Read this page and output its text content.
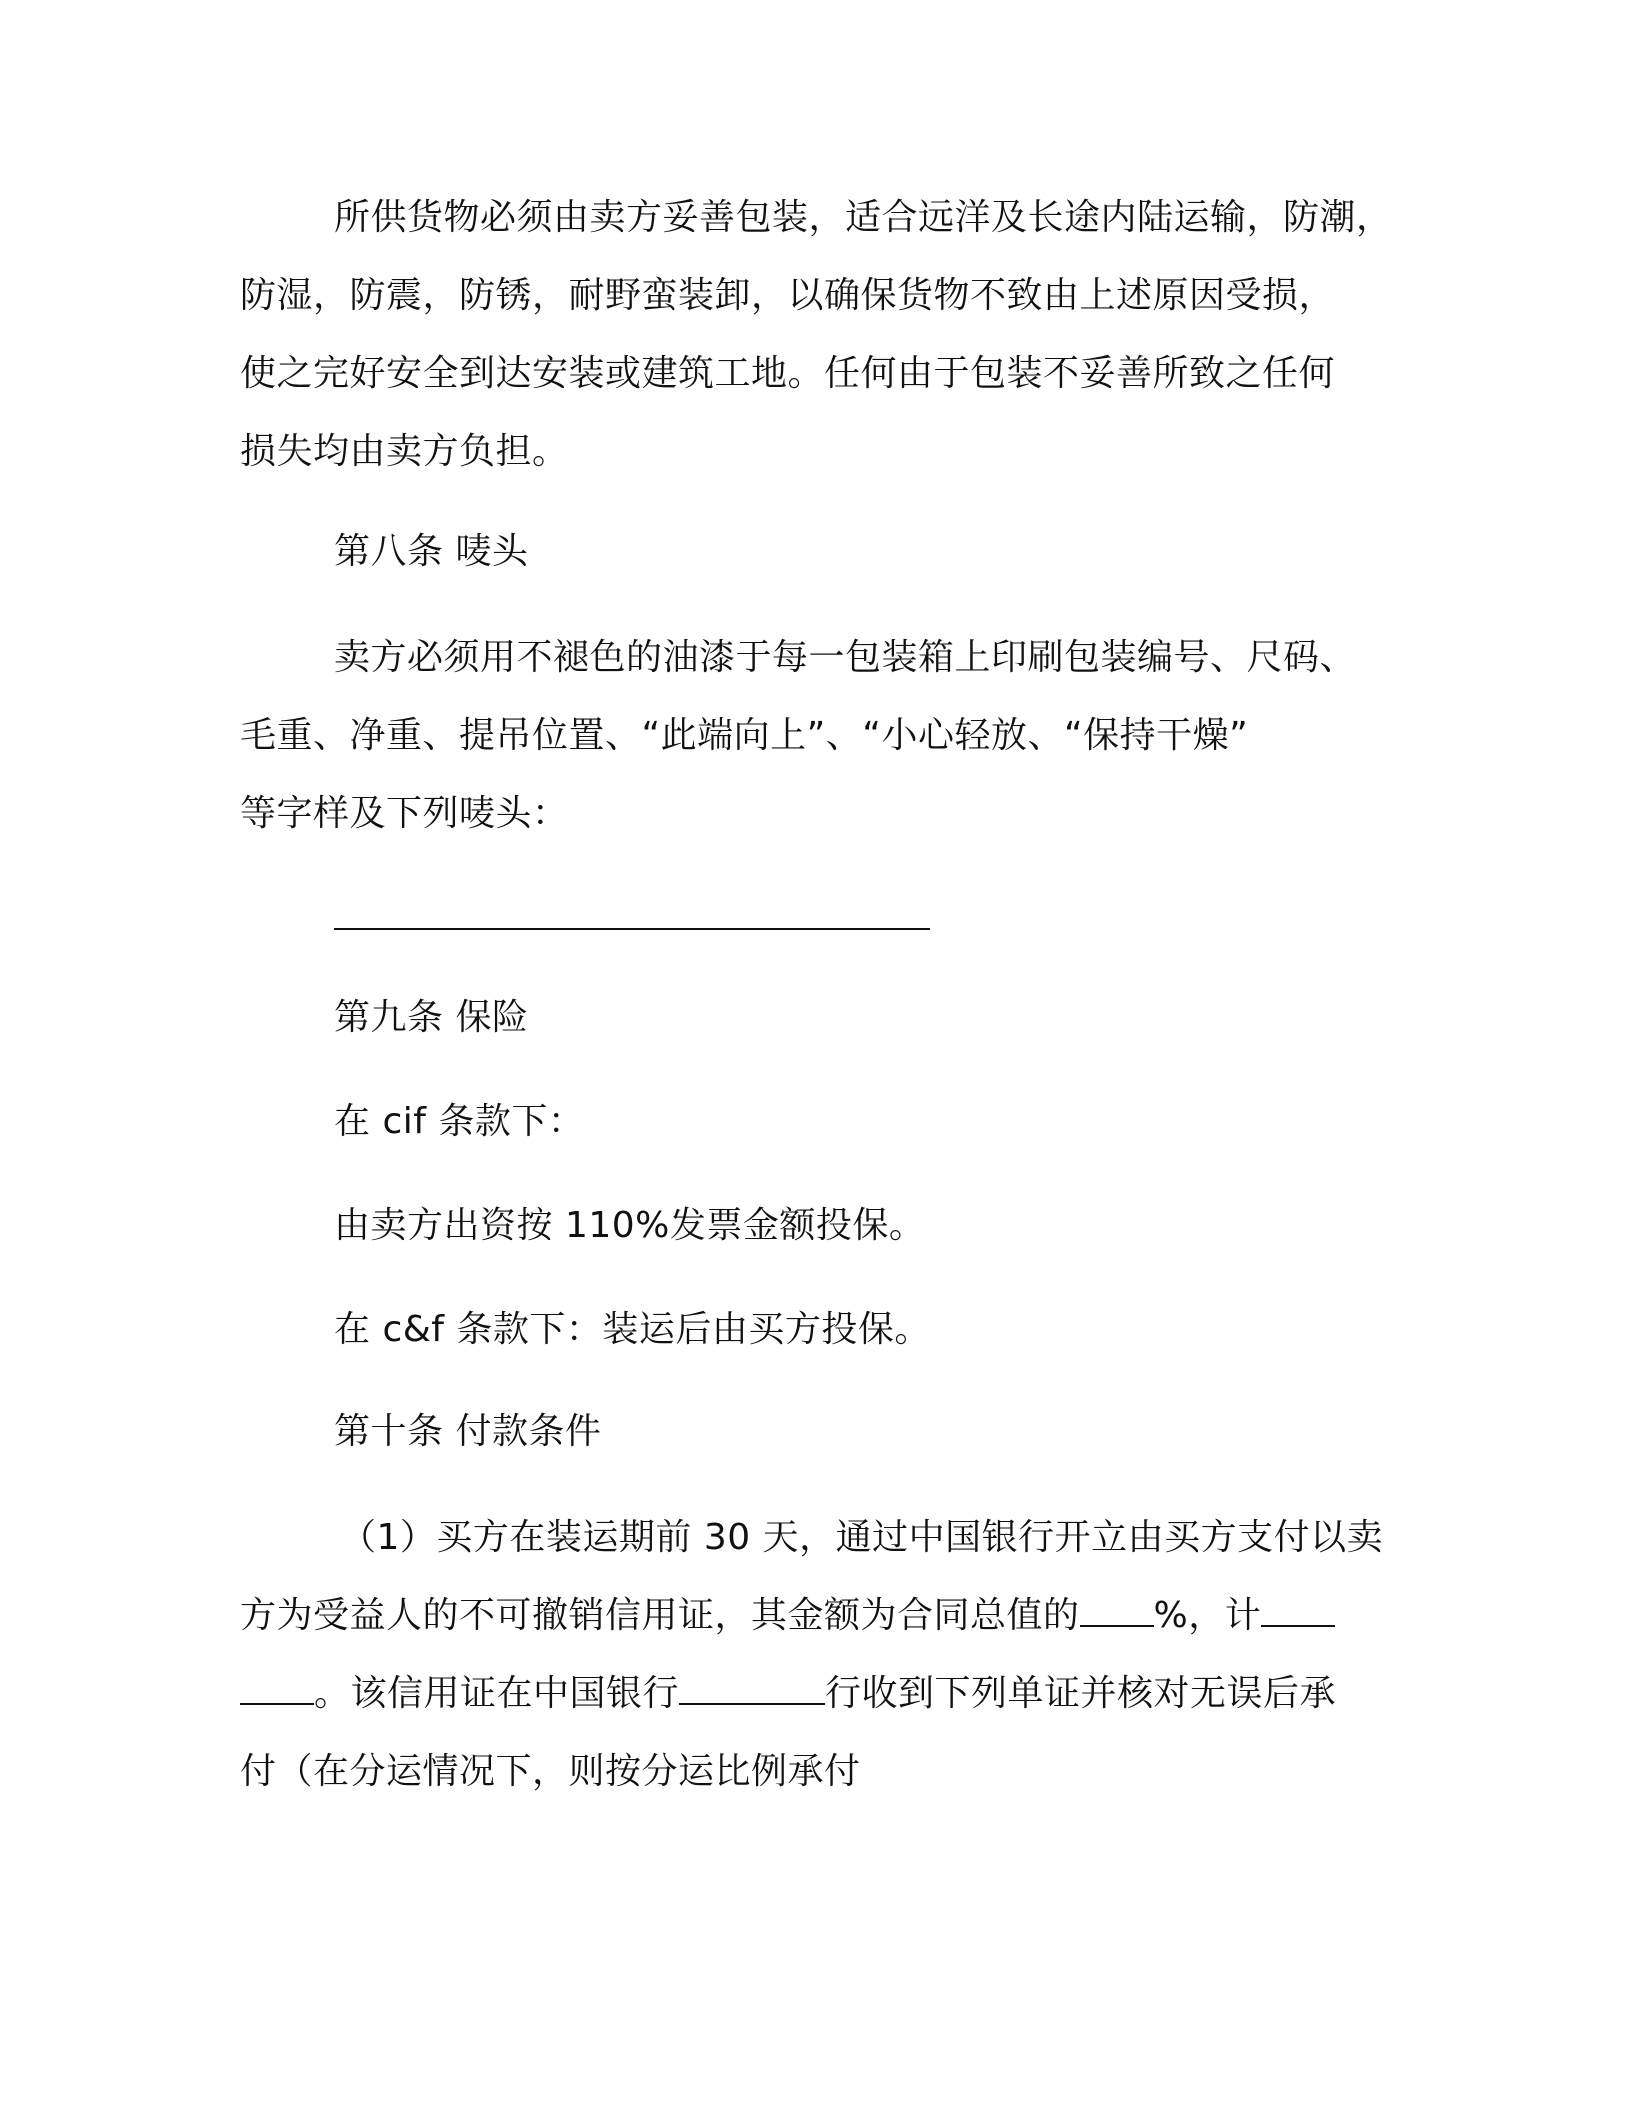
所供货物必须由卖方妥善包装，适合远洋及长途内陆运输，防潮，
防湿，防震，防锈，耐野蛮装卸，以确保货物不致由上述原因受损，
使之完好安全到达安装或建筑工地。任何由于包装不妥善所致之任何
损失均由卖方负担。
第八条 唛头
卖方必须用不褪色的油漆于每一包装箱上印刷包装编号、尺码、
毛重、净重、提吊位置、“此端向上”、“小心轻放、“保持干燥”
等字样及下列唛头：
第九条 保险
在 cif 条款下：
由卖方出资按 110%发票金额投保。
在 c&f 条款下：装运后由买方投保。
第十条 付款条件
（1）买方在装运期前 30 天，通过中国银行开立由买方支付以卖
方为受益人的不可撤销信用证，其金额为合同总值的 %，计
。该信用证在中国银行	行收到下列单证并核对无误后承
付（在分运情况下，则按分运比例承付
